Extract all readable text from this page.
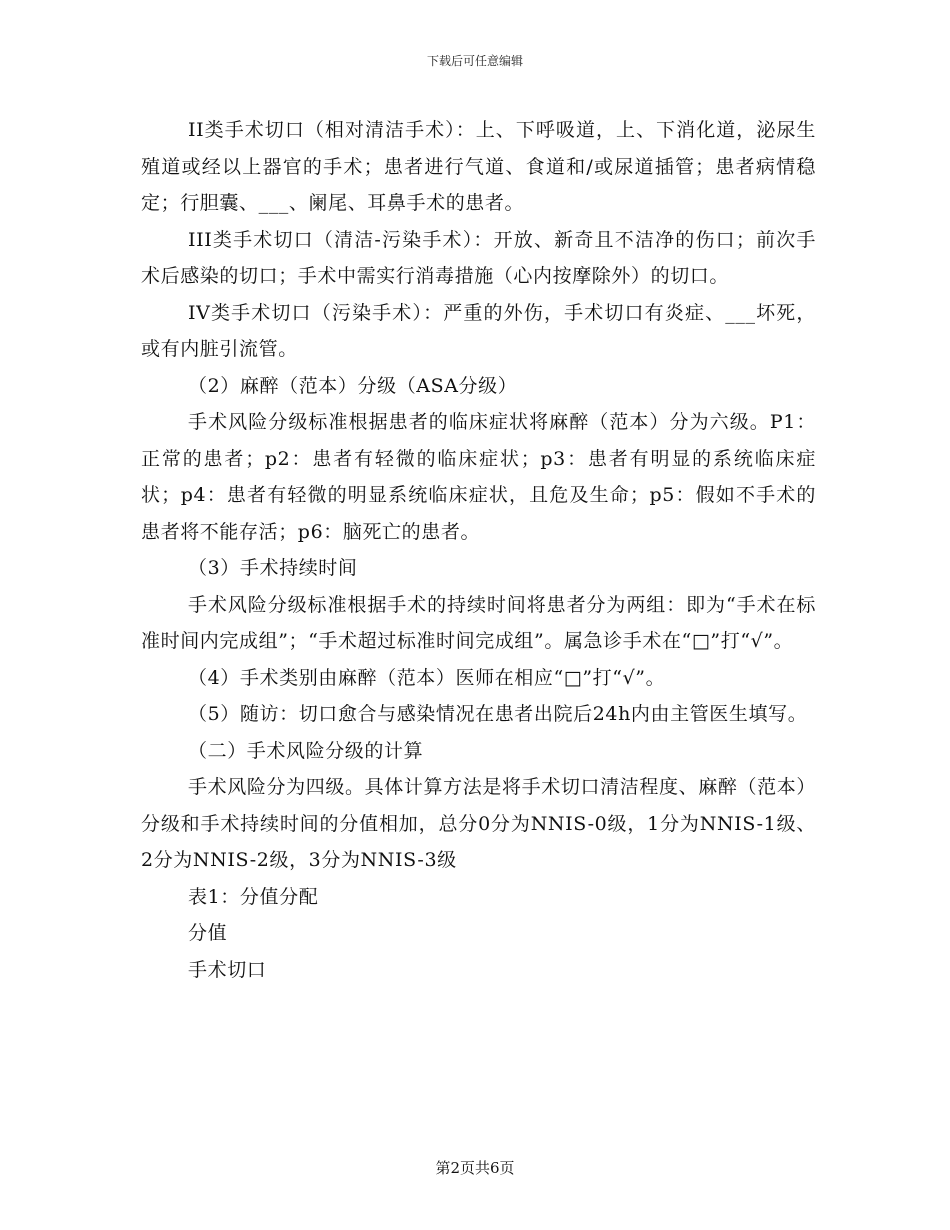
下载后可任意编辑

II类手术切口（相对清洁手术）：上、下呼吸道，上、下消化道，泌尿生殖道或经以上器官的手术；患者进行气道、食道和/或尿道插管；患者病情稳定；行胆囊、___、阑尾、耳鼻手术的患者。

III类手术切口（清洁-污染手术）：开放、新奇且不洁净的伤口；前次手术后感染的切口；手术中需实行消毒措施（心内按摩除外）的切口。

IV类手术切口（污染手术）：严重的外伤，手术切口有炎症、___坏死，或有内脏引流管。

（2）麻醉（范本）分级（ASA分级）

手术风险分级标准根据患者的临床症状将麻醉（范本）分为六级。P1：正常的患者；p2：患者有轻微的临床症状；p3：患者有明显的系统临床症状；p4：患者有轻微的明显系统临床症状，且危及生命；p5：假如不手术的患者将不能存活；p6：脑死亡的患者。

（3）手术持续时间

手术风险分级标准根据手术的持续时间将患者分为两组：即为“手术在标准时间内完成组”；“手术超过标准时间完成组”。属急诊手术在“□”打“√”。

（4）手术类别由麻醉（范本）医师在相应“□”打“√”。

（5）随访：切口愈合与感染情况在患者出院后24h内由主管医生填写。

（二）手术风险分级的计算

手术风险分为四级。具体计算方法是将手术切口清洁程度、麻醉（范本）分级和手术持续时间的分值相加，总分0分为NNIS-0级，1分为NNIS-1级、2分为NNIS-2级，3分为NNIS-3级

表1：分值分配

分值

手术切口

第2页共6页
